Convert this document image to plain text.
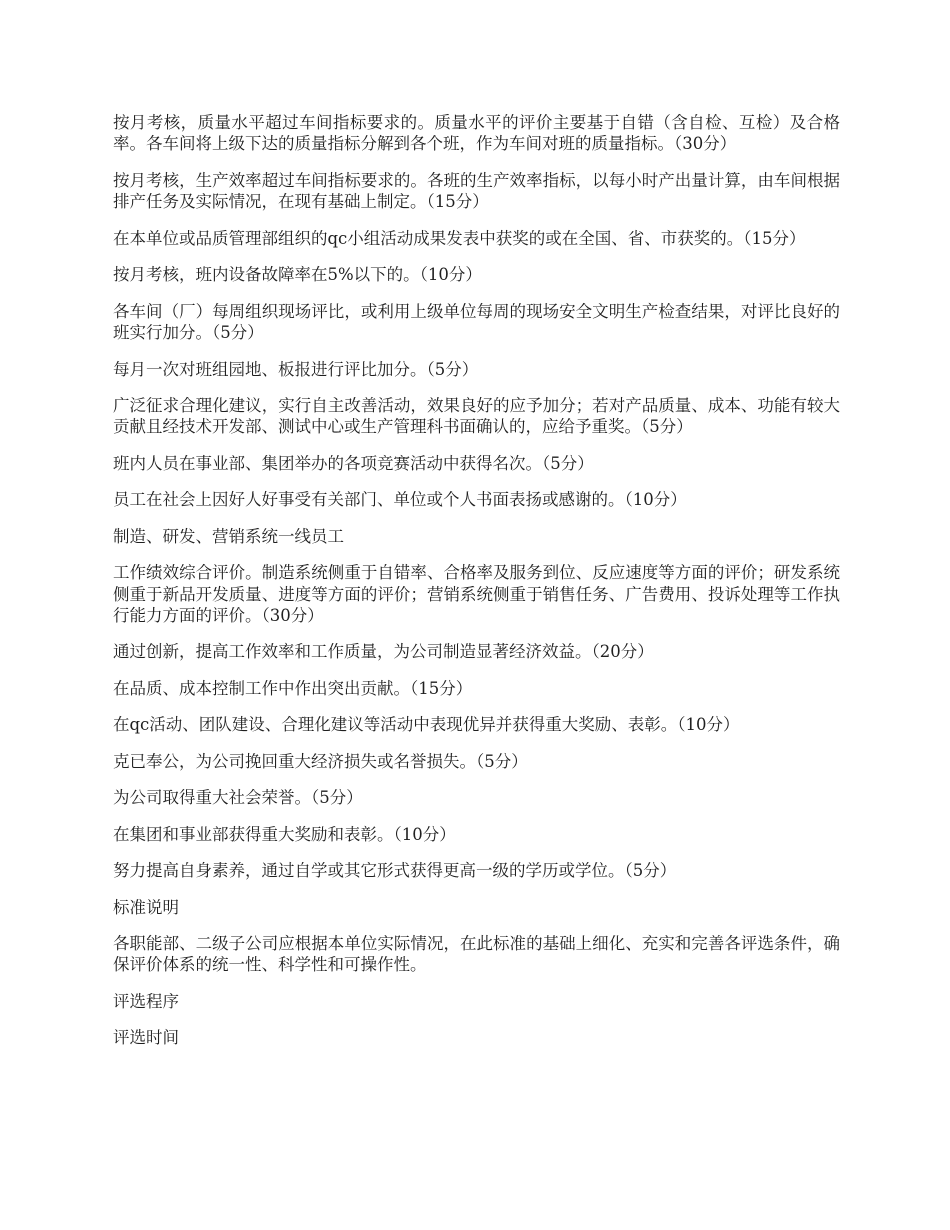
按月考核，质量水平超过车间指标要求的。质量水平的评价主要基于自错（含自检、互检）及合格率。各车间将上级下达的质量指标分解到各个班，作为车间对班的质量指标。（30分）

按月考核，生产效率超过车间指标要求的。各班的生产效率指标，以每小时产出量计算，由车间根据排产任务及实际情况，在现有基础上制定。（15分）

在本单位或品质管理部组织的qc小组活动成果发表中获奖的或在全国、省、市获奖的。（15分）

按月考核，班内设备故障率在5%以下的。（10分）

各车间（厂）每周组织现场评比，或利用上级单位每周的现场安全文明生产检查结果，对评比良好的班实行加分。（5分）

每月一次对班组园地、板报进行评比加分。（5分）

广泛征求合理化建议，实行自主改善活动，效果良好的应予加分；若对产品质量、成本、功能有较大贡献且经技术开发部、测试中心或生产管理科书面确认的，应给予重奖。（5分）

班内人员在事业部、集团举办的各项竞赛活动中获得名次。（5分）

员工在社会上因好人好事受有关部门、单位或个人书面表扬或感谢的。（10分）

制造、研发、营销系统一线员工

工作绩效综合评价。制造系统侧重于自错率、合格率及服务到位、反应速度等方面的评价；研发系统侧重于新品开发质量、进度等方面的评价；营销系统侧重于销售任务、广告费用、投诉处理等工作执行能力方面的评价。（30分）

通过创新，提高工作效率和工作质量，为公司制造显著经济效益。（20分）

在品质、成本控制工作中作出突出贡献。（15分）

在qc活动、团队建设、合理化建议等活动中表现优异并获得重大奖励、表彰。（10分）

克已奉公，为公司挽回重大经济损失或名誉损失。（5分）

为公司取得重大社会荣誉。（5分）

在集团和事业部获得重大奖励和表彰。（10分）

努力提高自身素养，通过自学或其它形式获得更高一级的学历或学位。（5分）

标准说明

各职能部、二级子公司应根据本单位实际情况，在此标准的基础上细化、充实和完善各评选条件，确保评价体系的统一性、科学性和可操作性。

评选程序

评选时间
